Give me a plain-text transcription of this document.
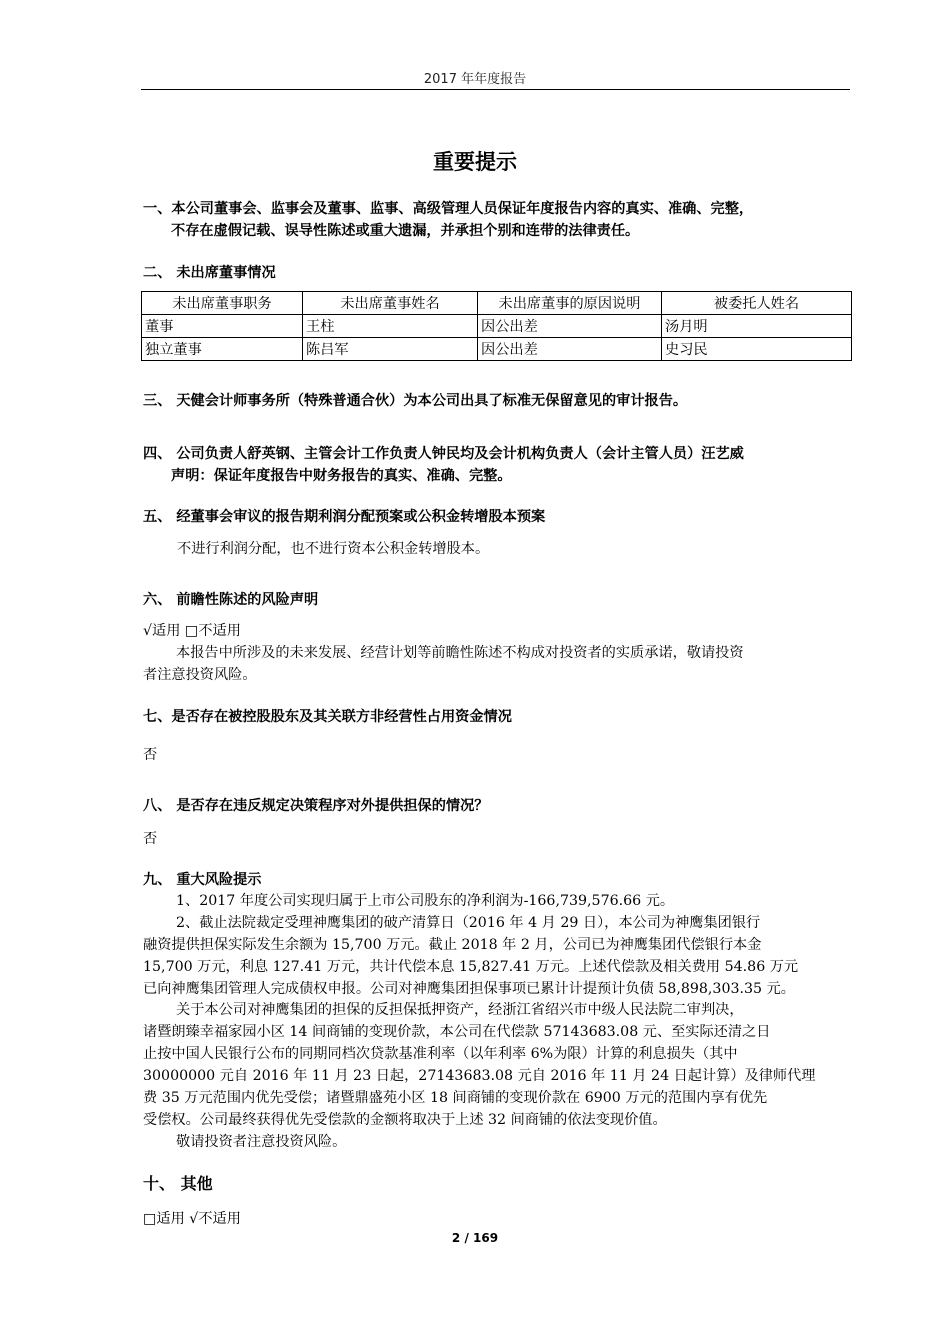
2017 年年度报告
重要提示
一、本公司董事会、监事会及董事、监事、高级管理人员保证年度报告内容的真实、准确、完整，
不存在虚假记载、误导性陈述或重大遗漏，并承担个别和连带的法律责任。
二、 未出席董事情况
未出席董事职务	未出席董事姓名	未出席董事的原因说明	被委托人姓名
董事	王柱	因公出差	汤月明
独立董事	陈吕军	因公出差	史习民
三、 天健会计师事务所（特殊普通合伙）为本公司出具了标准无保留意见的审计报告。
四、 公司负责人舒英钢、主管会计工作负责人钟民均及会计机构负责人（会计主管人员）汪艺威
声明：保证年度报告中财务报告的真实、准确、完整。
五、 经董事会审议的报告期利润分配预案或公积金转增股本预案
不进行利润分配，也不进行资本公积金转增股本。
六、 前瞻性陈述的风险声明
√适用 □不适用
本报告中所涉及的未来发展、经营计划等前瞻性陈述不构成对投资者的实质承诺，敬请投资
者注意投资风险。
七、是否存在被控股股东及其关联方非经营性占用资金情况
否
八、 是否存在违反规定决策程序对外提供担保的情况？
否
九、 重大风险提示
1、2017 年度公司实现归属于上市公司股东的净利润为-166,739,576.66 元。
2、截止法院裁定受理神鹰集团的破产清算日（2016 年 4 月 29 日），本公司为神鹰集团银行
融资提供担保实际发生余额为 15,700 万元。截止 2018 年 2 月，公司已为神鹰集团代偿银行本金
15,700 万元，利息 127.41 万元，共计代偿本息 15,827.41 万元。上述代偿款及相关费用 54.86 万元
已向神鹰集团管理人完成债权申报。公司对神鹰集团担保事项已累计计提预计负债 58,898,303.35 元。
关于本公司对神鹰集团的担保的反担保抵押资产，经浙江省绍兴市中级人民法院二审判决，
诸暨朗臻幸福家园小区 14 间商铺的变现价款，本公司在代偿款 57143683.08 元、至实际还清之日
止按中国人民银行公布的同期同档次贷款基准利率（以年利率 6%为限）计算的利息损失（其中
30000000 元自 2016 年 11 月 23 日起，27143683.08 元自 2016 年 11 月 24 日起计算）及律师代理
费 35 万元范围内优先受偿；诸暨鼎盛苑小区 18 间商铺的变现价款在 6900 万元的范围内享有优先
受偿权。公司最终获得优先受偿款的金额将取决于上述 32 间商铺的依法变现价值。
敬请投资者注意投资风险。
十、 其他
□适用 √不适用
2 / 169
